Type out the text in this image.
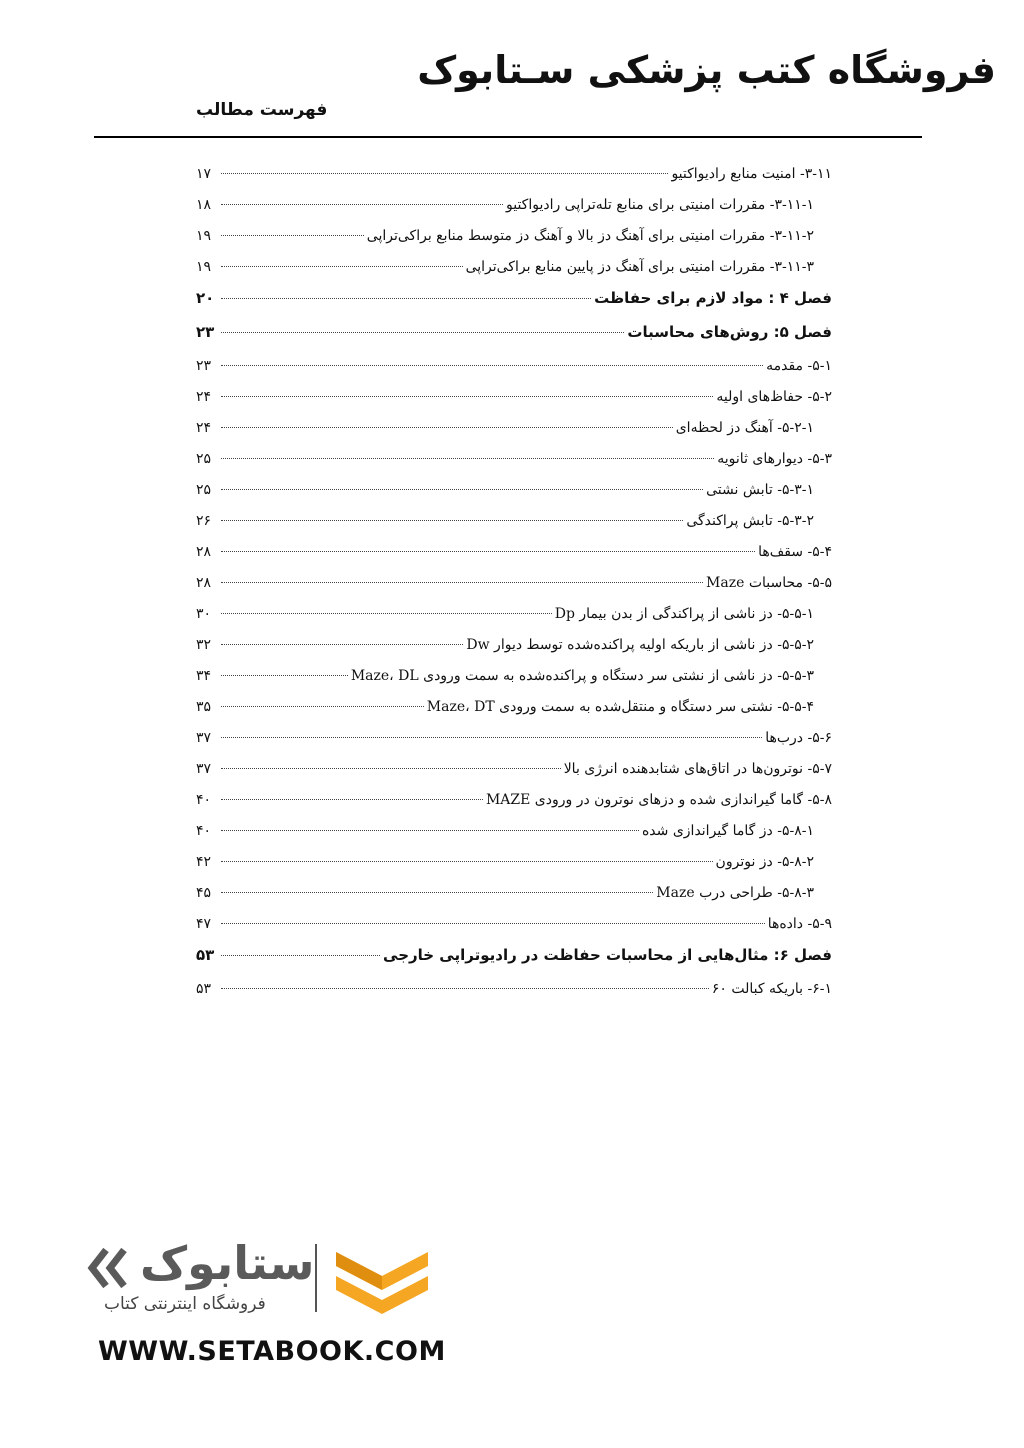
فروشگاه کتب پزشکی سـتابوک
فهرست مطالب
۳-۱۱- امنیت منابع رادیواکتیو
۱۷
۳-۱۱-۱- مقررات امنیتی برای منابع تله‌تراپی رادیواکتیو
۱۸
۳-۱۱-۲- مقررات امنیتی برای آهنگ دز بالا و آهنگ دز متوسط منابع براکی‌تراپی
۱۹
۳-۱۱-۳- مقررات امنیتی برای آهنگ دز پایین منابع براکی‌تراپی
۱۹
فصل ۴ : مواد لازم برای حفاظت
۲۰
فصل ۵: روش‌های محاسبات
۲۳
۵-۱- مقدمه
۲۳
۵-۲- حفاظ‌های اولیه
۲۴
۵-۲-۱- آهنگ دز لحظه‌ای
۲۴
۵-۳- دیوارهای ثانویه
۲۵
۵-۳-۱- تابش نشتی
۲۵
۵-۳-۲- تابش پراکندگی
۲۶
۵-۴- سقف‌ها
۲۸
۵-۵- محاسبات Maze
۲۸
۵-۵-۱- دز ناشی از پراکندگی از بدن بیمار Dp
۳۰
۵-۵-۲- دز ناشی از باریکه اولیه پراکنده‌شده توسط دیوار Dw
۳۲
۵-۵-۳- دز ناشی از نشتی سر دستگاه و پراکنده‌شده به سمت ورودی Maze، DL
۳۴
۵-۵-۴- نشتی سر دستگاه و منتقل‌شده به سمت ورودی Maze، DT
۳۵
۵-۶- درب‌ها
۳۷
۵-۷- نوترون‌ها در اتاق‌های شتابدهنده انرژی بالا
۳۷
۵-۸- گاما گیراندازی شده و دزهای نوترون در ورودی MAZE
۴۰
۵-۸-۱- دز گاما گیراندازی شده
۴۰
۵-۸-۲- دز نوترون
۴۲
۵-۸-۳- طراحی درب Maze
۴۵
۵-۹- داده‌ها
۴۷
فصل ۶: مثال‌هایی از محاسبات حفاظت در رادیوتراپی خارجی
۵۳
۶-۱- باریکه کبالت ۶۰
۵۳
ستابوک
فروشگاه اینترنتی کتاب
WWW.SETABOOK.COM
